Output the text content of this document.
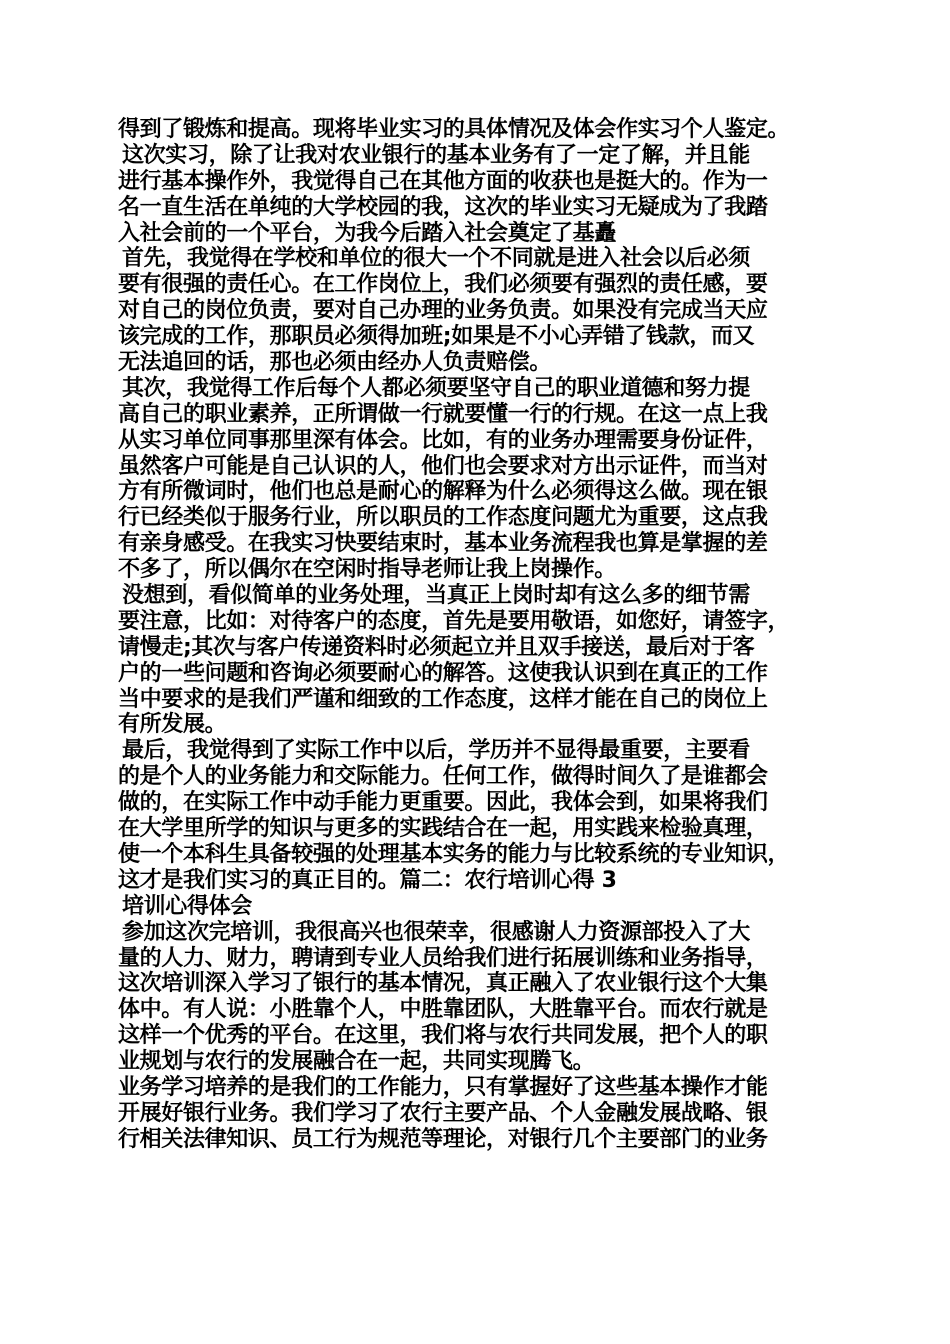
得到了锻炼和提高。现将毕业实习的具体情况及体会作实习个人鉴定。
这次实习，除了让我对农业银行的基本业务有了一定了解，并且能
进行基本操作外，我觉得自己在其他方面的收获也是挺大的。作为一
名一直生活在单纯的大学校园的我，这次的毕业实习无疑成为了我踏
入社会前的一个平台，为我今后踏入社会奠定了基矗
首先，我觉得在学校和单位的很大一个不同就是进入社会以后必须
要有很强的责任心。在工作岗位上，我们必须要有强烈的责任感，要
对自己的岗位负责，要对自己办理的业务负责。如果没有完成当天应
该完成的工作，那职员必须得加班;如果是不小心弄错了钱款，而又
无法追回的话，那也必须由经办人负责赔偿。
其次，我觉得工作后每个人都必须要坚守自己的职业道德和努力提
高自己的职业素养，正所谓做一行就要懂一行的行规。在这一点上我
从实习单位同事那里深有体会。比如，有的业务办理需要身份证件，
虽然客户可能是自己认识的人，他们也会要求对方出示证件，而当对
方有所微词时，他们也总是耐心的解释为什么必须得这么做。现在银
行已经类似于服务行业，所以职员的工作态度问题尤为重要，这点我
有亲身感受。在我实习快要结束时，基本业务流程我也算是掌握的差
不多了，所以偶尔在空闲时指导老师让我上岗操作。
没想到，看似简单的业务处理，当真正上岗时却有这么多的细节需
要注意，比如：对待客户的态度，首先是要用敬语，如您好，请签字，
请慢走;其次与客户传递资料时必须起立并且双手接送，最后对于客
户的一些问题和咨询必须要耐心的解答。这使我认识到在真正的工作
当中要求的是我们严谨和细致的工作态度，这样才能在自己的岗位上
有所发展。
最后，我觉得到了实际工作中以后，学历并不显得最重要，主要看
的是个人的业务能力和交际能力。任何工作，做得时间久了是谁都会
做的，在实际工作中动手能力更重要。因此，我体会到，如果将我们
在大学里所学的知识与更多的实践结合在一起，用实践来检验真理，
使一个本科生具备较强的处理基本实务的能力与比较系统的专业知识，
这才是我们实习的真正目的。篇二：农行培训心得 3
培训心得体会
参加这次完培训，我很高兴也很荣幸，很感谢人力资源部投入了大
量的人力、财力，聘请到专业人员给我们进行拓展训练和业务指导，
这次培训深入学习了银行的基本情况，真正融入了农业银行这个大集
体中。有人说：小胜靠个人，中胜靠团队，大胜靠平台。而农行就是
这样一个优秀的平台。在这里，我们将与农行共同发展，把个人的职
业规划与农行的发展融合在一起，共同实现腾飞。
业务学习培养的是我们的工作能力，只有掌握好了这些基本操作才能
开展好银行业务。我们学习了农行主要产品、个人金融发展战略、银
行相关法律知识、员工行为规范等理论，对银行几个主要部门的业务
